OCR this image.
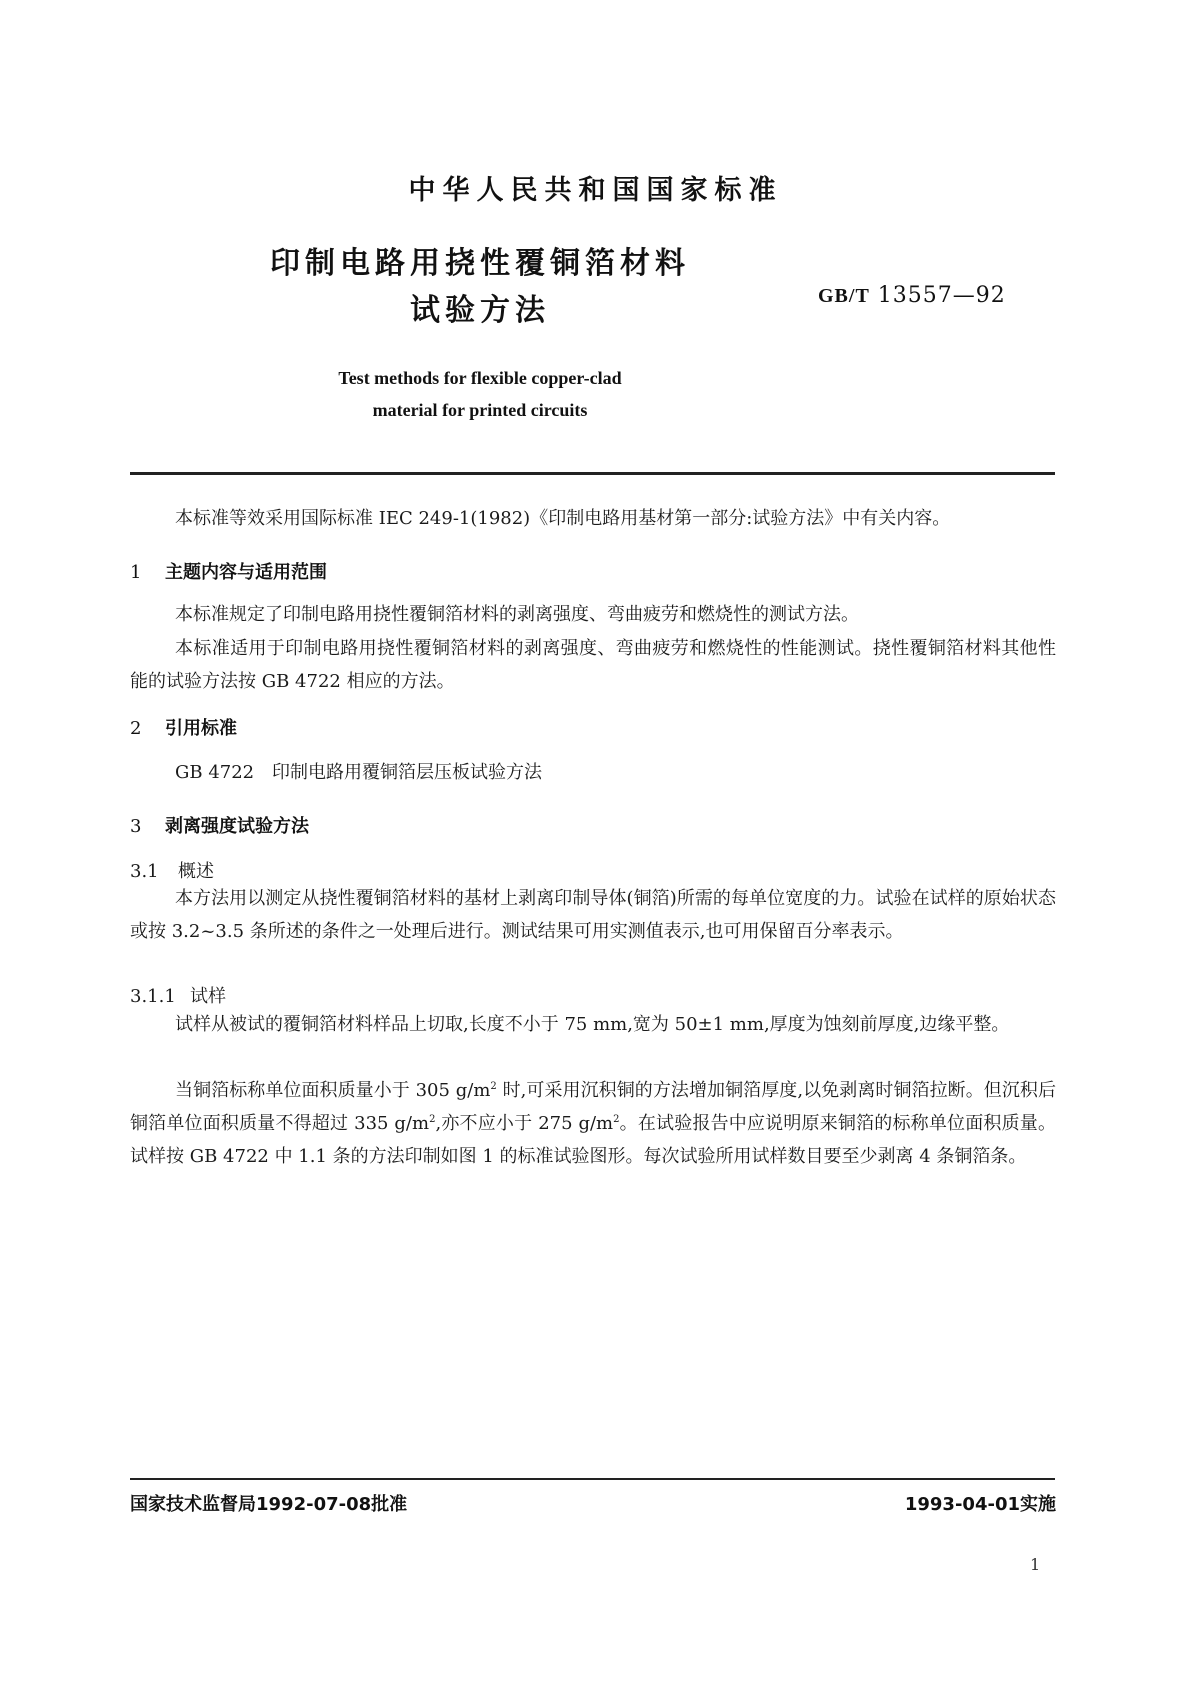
中华人民共和国国家标准
印制电路用挠性覆铜箔材料
试验方法	GB/T 13557—92
Test methods for flexible copper-clad
material for printed circuits
本标准等效采用国际标准 IEC 249-1(1982)《印制电路用基材第一部分:试验方法》中有关内容。
1 主题内容与适用范围
本标准规定了印制电路用挠性覆铜箔材料的剥离强度、弯曲疲劳和燃烧性的测试方法。
本标准适用于印制电路用挠性覆铜箔材料的剥离强度、弯曲疲劳和燃烧性的性能测试。挠性覆铜箔材料其他性能的试验方法按 GB 4722 相应的方法。
2 引用标准
GB 4722 印制电路用覆铜箔层压板试验方法
3 剥离强度试验方法
3.1 概述
本方法用以测定从挠性覆铜箔材料的基材上剥离印制导体(铜箔)所需的每单位宽度的力。试验在试样的原始状态或按 3.2~3.5 条所述的条件之一处理后进行。测试结果可用实测值表示,也可用保留百分率表示。
3.1.1 试样
试样从被试的覆铜箔材料样品上切取,长度不小于 75 mm,宽为 50±1 mm,厚度为蚀刻前厚度,边缘平整。
当铜箔标称单位面积质量小于 305 $g/m^2$ 时,可采用沉积铜的方法增加铜箔厚度,以免剥离时铜箔拉断。但沉积后铜箔单位面积质量不得超过 335 $g/m^2$,亦不应小于 275 $g/m^2$。在试验报告中应说明原来铜箔的标称单位面积质量。试样按 GB 4722 中 1.1 条的方法印制如图 1 的标准试验图形。每次试验所用试样数目要至少剥离 4 条铜箔条。
国家技术监督局1992-07-08批准	1993-04-01实施
1
